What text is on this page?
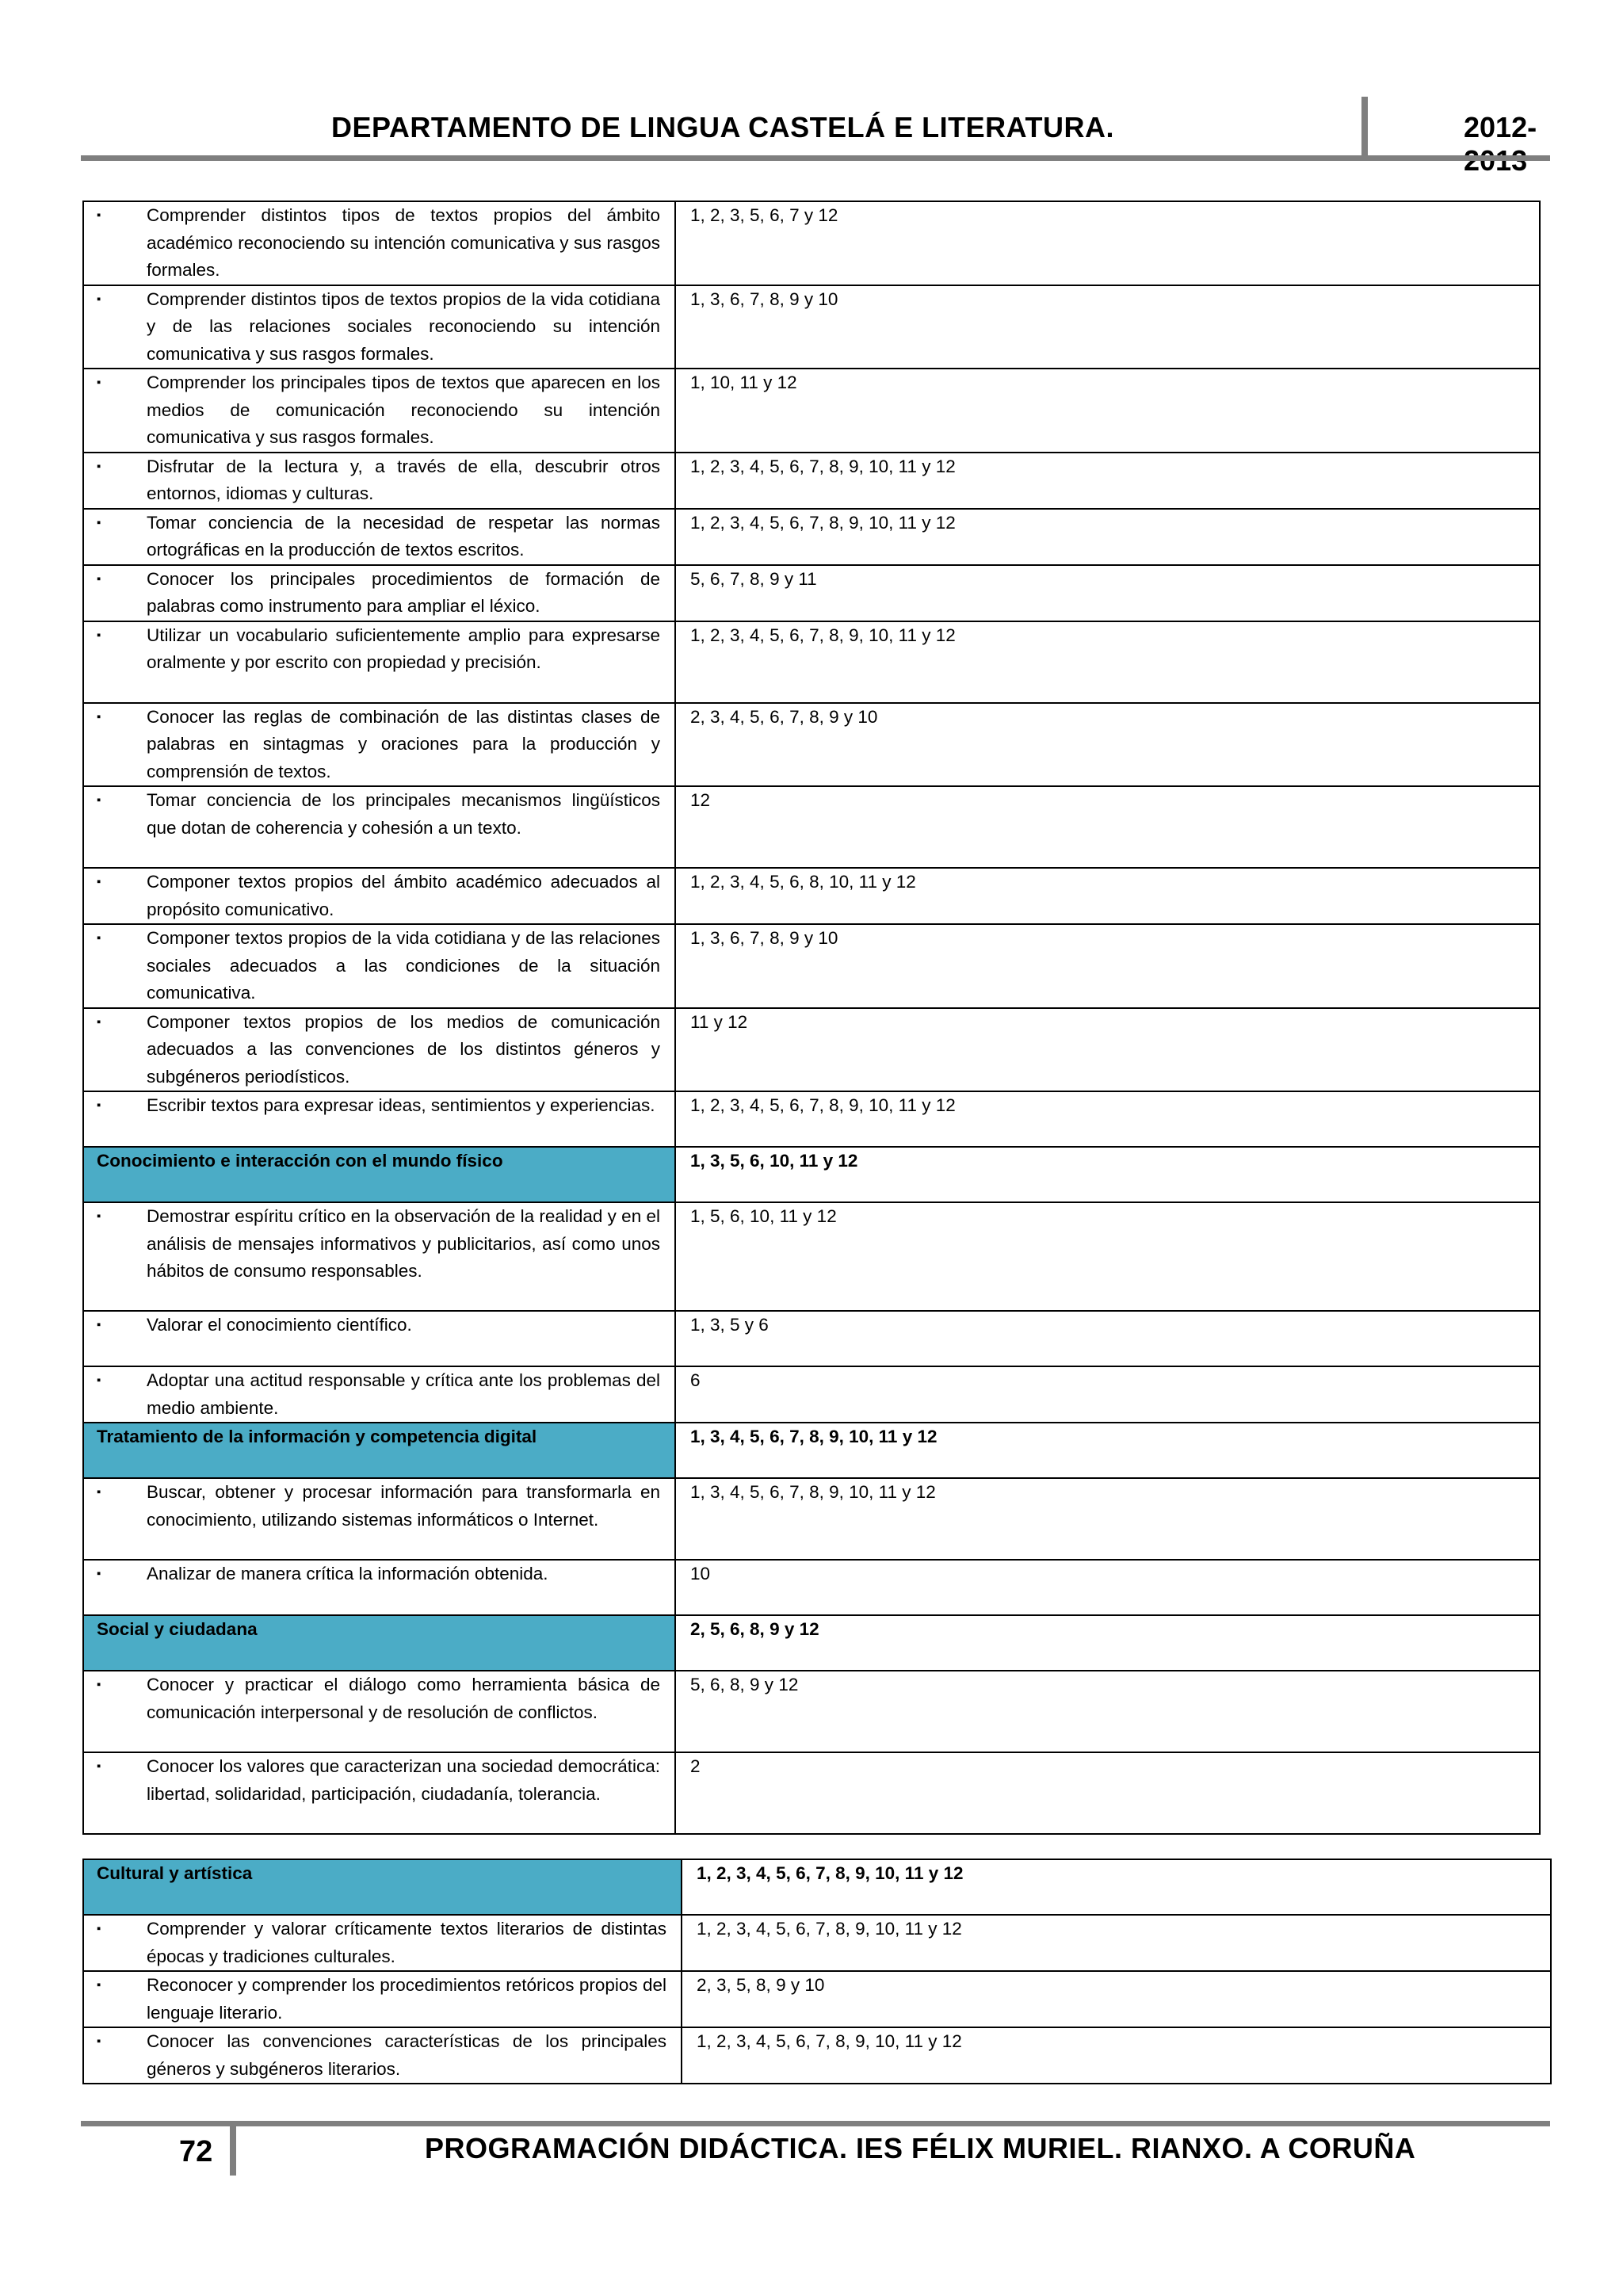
DEPARTAMENTO DE LINGUA CASTELÁ E LITERATURA.	2012-
▪ Comprender distintos tipos de textos propios del ámbito académico reconociendo su intención comunicativa y sus rasgos formales.	1, 2, 3, 5, 6, 7 y 12

▪ Comprender distintos tipos de textos propios de la vida cotidiana y de las relaciones sociales reconociendo su intención comunicativa y sus rasgos formales.	1, 3, 6, 7, 8, 9 y 10

▪ Comprender los principales tipos de textos que aparecen en los medios de comunicación reconociendo su intención comunicativa y sus rasgos formales.	1, 10, 11 y 12

▪ Disfrutar de la lectura y, a través de ella, descubrir otros entornos, idiomas y culturas.	1, 2, 3, 4, 5, 6, 7, 8, 9, 10, 11 y 12

▪ Tomar conciencia de la necesidad de respetar las normas ortográficas en la producción de textos escritos.	1, 2, 3, 4, 5, 6, 7, 8, 9, 10, 11 y 12

▪ Conocer los principales procedimientos de formación de palabras como instrumento para ampliar el léxico.	5, 6, 7, 8, 9 y 11

▪ Utilizar un vocabulario suficientemente amplio para expresarse oralmente y por escrito con propiedad y precisión.	1, 2, 3, 4, 5, 6, 7, 8, 9, 10, 11 y 12

▪ Conocer las reglas de combinación de las distintas clases de palabras en sintagmas y oraciones para la producción y comprensión de textos.	2, 3, 4, 5, 6, 7, 8, 9 y 10

▪ Tomar conciencia de los principales mecanismos lingüísticos que dotan de coherencia y cohesión a un texto.	12

▪ Componer textos propios del ámbito académico adecuados al propósito comunicativo.	1, 2, 3, 4, 5, 6, 8, 10, 11 y 12

▪ Componer textos propios de la vida cotidiana y de las relaciones sociales adecuados a las condiciones de la situación comunicativa.	1, 3, 6, 7, 8, 9 y 10

▪ Componer textos propios de los medios de comunicación adecuados a las convenciones de los distintos géneros y subgéneros periodísticos.	11 y 12

▪ Escribir textos para expresar ideas, sentimientos y experiencias.	1, 2, 3, 4, 5, 6, 7, 8, 9, 10, 11 y 12
Conocimiento e interacción con el mundo físico	1, 3, 5, 6, 10, 11 y 12

▪ Demostrar espíritu crítico en la observación de la realidad y en el análisis de mensajes informativos y publicitarios, así como unos hábitos de consumo responsables.	1, 5, 6, 10, 11 y 12

▪ Valorar el conocimiento científico.	1, 3, 5 y 6

▪ Adoptar una actitud responsable y crítica ante los problemas del medio ambiente.	6
Tratamiento de la información y competencia digital	1, 3, 4, 5, 6, 7, 8, 9, 10, 11 y 12

▪ Buscar, obtener y procesar información para transformarla en conocimiento, utilizando sistemas informáticos o Internet.	1, 3, 4, 5, 6, 7, 8, 9, 10, 11 y 12

▪ Analizar de manera crítica la información obtenida.	10
Social y ciudadana	2, 5, 6, 8, 9 y 12

▪ Conocer y practicar el diálogo como herramienta básica de comunicación interpersonal y de resolución de conflictos.	5, 6, 8, 9 y 12

▪ Conocer los valores que caracterizan una sociedad democrática: libertad, solidaridad, participación, ciudadanía, tolerancia.	2
Cultural y artística	1, 2, 3, 4, 5, 6, 7, 8, 9, 10, 11 y 12

▪ Comprender y valorar críticamente textos literarios de distintas épocas y tradiciones culturales.	1, 2, 3, 4, 5, 6, 7, 8, 9, 10, 11 y 12

▪ Reconocer y comprender los procedimientos retóricos propios del lenguaje literario.	2, 3, 5, 8, 9 y 10

▪ Conocer las convenciones características de los principales géneros y subgéneros literarios.	1, 2, 3, 4, 5, 6, 7, 8, 9, 10, 11 y 12
72	PROGRAMACIÓN DIDÁCTICA. IES FÉLIX MURIEL. RIANXO. A CORUÑA
